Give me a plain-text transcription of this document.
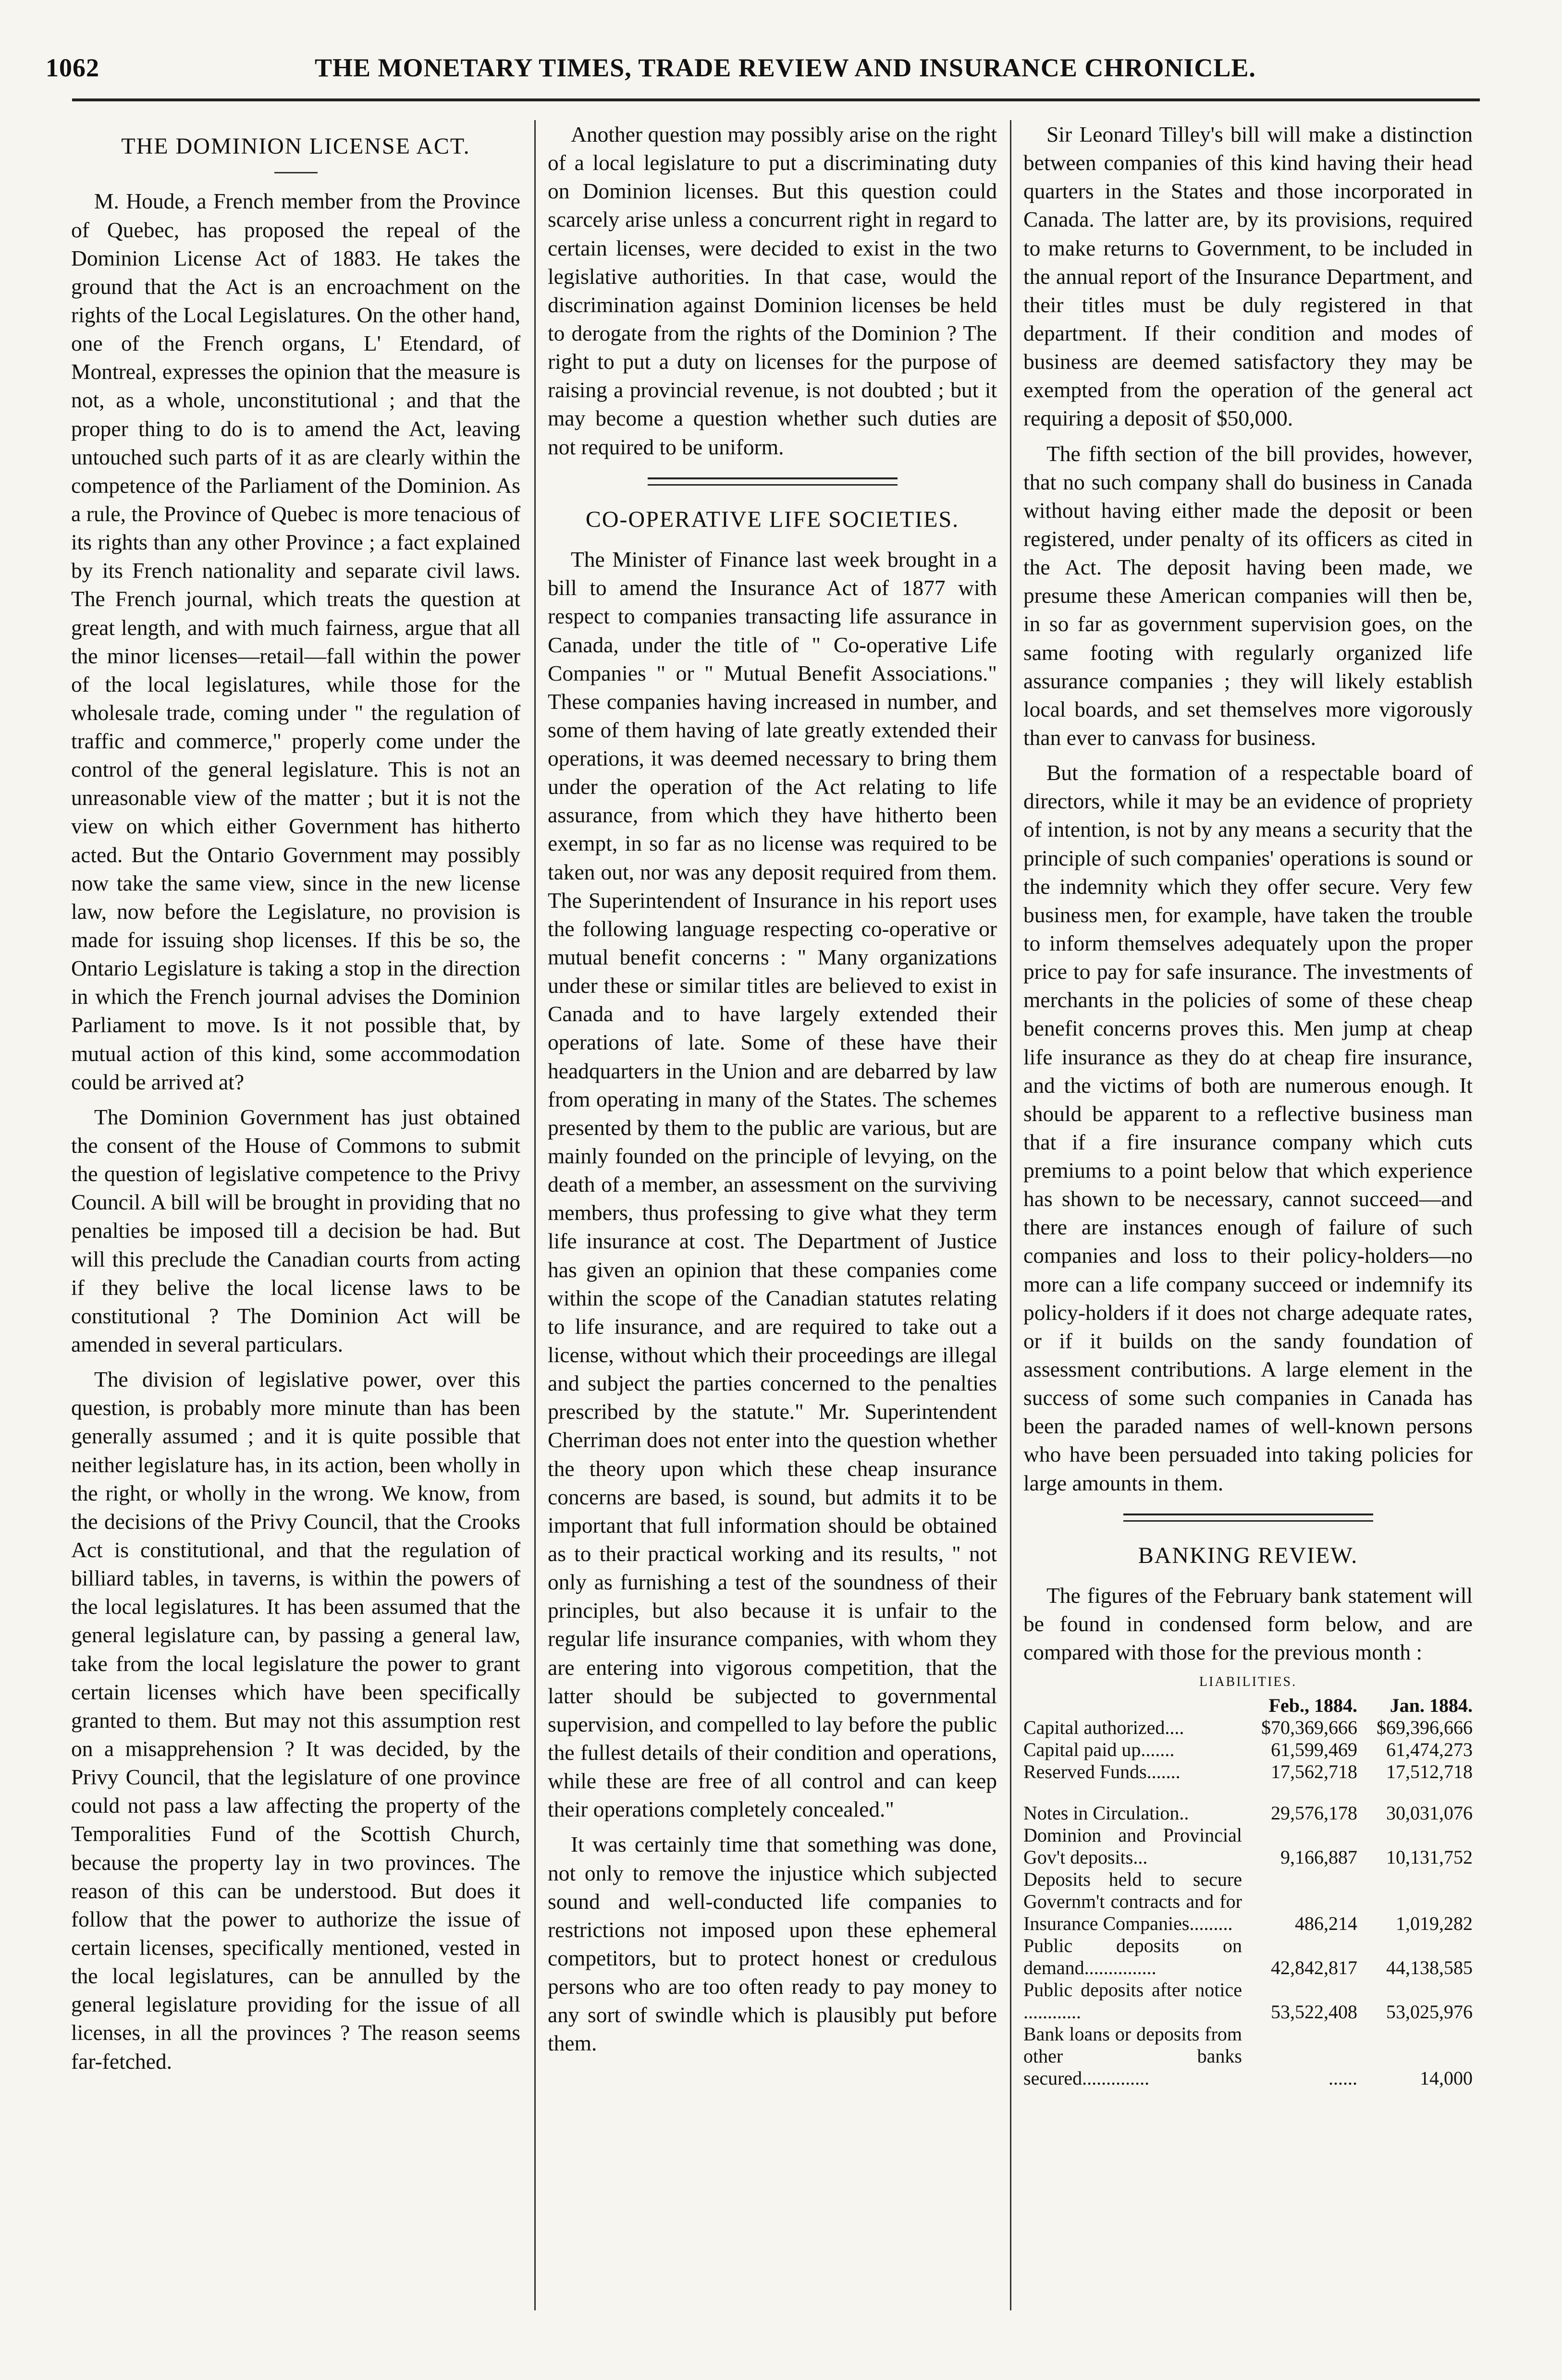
1062	THE MONETARY TIMES, TRADE REVIEW AND INSURANCE CHRONICLE.
THE DOMINION LICENSE ACT.

M. Houde, a French member from the Province of Quebec, has proposed the repeal of the Dominion License Act of 1883. He takes the ground that the Act is an encroachment on the rights of the Local Legislatures. On the other hand, one of the French organs, L' Etendard, of Montreal, expresses the opinion that the measure is not, as a whole, unconstitutional ; and that the proper thing to do is to amend the Act, leaving untouched such parts of it as are clearly within the competence of the Parliament of the Dominion. As a rule, the Province of Quebec is more tenacious of its rights than any other Province ; a fact explained by its French nationality and separate civil laws. The French journal, which treats the question at great length, and with much fairness, argue that all the minor licenses—retail—fall within the power of the local legislatures, while those for the wholesale trade, coming under " the regulation of traffic and commerce," properly come under the control of the general legislature. This is not an unreasonable view of the matter ; but it is not the view on which either Government has hitherto acted. But the Ontario Government may possibly now take the same view, since in the new license law, now before the Legislature, no provision is made for issuing shop licenses. If this be so, the Ontario Legislature is taking a stop in the direction in which the French journal advises the Dominion Parliament to move. Is it not possible that, by mutual action of this kind, some accommodation could be arrived at?

The Dominion Government has just obtained the consent of the House of Commons to submit the question of legislative competence to the Privy Council. A bill will be brought in providing that no penalties be imposed till a decision be had. But will this preclude the Canadian courts from acting if they belive the local license laws to be constitutional ? The Dominion Act will be amended in several particulars.

The division of legislative power, over this question, is probably more minute than has been generally assumed ; and it is quite possible that neither legislature has, in its action, been wholly in the right, or wholly in the wrong. We know, from the decisions of the Privy Council, that the Crooks Act is constitutional, and that the regulation of billiard tables, in taverns, is within the powers of the local legislatures. It has been assumed that the general legislature can, by passing a general law, take from the local legislature the power to grant certain licenses which have been specifically granted to them. But may not this assumption rest on a misapprehension ? It was decided, by the Privy Council, that the legislature of one province could not pass a law affecting the property of the Temporalities Fund of the Scottish Church, because the property lay in two provinces. The reason of this can be understood. But does it follow that the power to authorize the issue of certain licenses, specifically mentioned, vested in the local legislatures, can be annulled by the general legislature providing for the issue of all licenses, in all the provinces ? The reason seems far-fetched.

Another question may possibly arise on the right of a local legislature to put a discriminating duty on Dominion licenses. But this question could scarcely arise unless a concurrent right in regard to certain licenses, were decided to exist in the two legislative authorities. In that case, would the discrimination against Dominion licenses be held to derogate from the rights of the Dominion ? The right to put a duty on licenses for the purpose of raising a provincial revenue, is not doubted ; but it may become a question whether such duties are not required to be uniform.

CO-OPERATIVE LIFE SOCIETIES.

The Minister of Finance last week brought in a bill to amend the Insurance Act of 1877 with respect to companies transacting life assurance in Canada, under the title of " Co-operative Life Companies " or " Mutual Benefit Associations." These companies having increased in number, and some of them having of late greatly extended their operations, it was deemed necessary to bring them under the operation of the Act relating to life assurance, from which they have hitherto been exempt, in so far as no license was required to be taken out, nor was any deposit required from them. The Superintendent of Insurance in his report uses the following language respecting co-operative or mutual benefit concerns : " Many organizations under these or similar titles are believed to exist in Canada and to have largely extended their operations of late. Some of these have their headquarters in the Union and are debarred by law from operating in many of the States. The schemes presented by them to the public are various, but are mainly founded on the principle of levying, on the death of a member, an assessment on the surviving members, thus professing to give what they term life insurance at cost. The Department of Justice has given an opinion that these companies come within the scope of the Canadian statutes relating to life insurance, and are required to take out a license, without which their proceedings are illegal and subject the parties concerned to the penalties prescribed by the statute." Mr. Superintendent Cherriman does not enter into the question whether the theory upon which these cheap insurance concerns are based, is sound, but admits it to be important that full information should be obtained as to their practical working and its results, " not only as furnishing a test of the soundness of their principles, but also because it is unfair to the regular life insurance companies, with whom they are entering into vigorous competition, that the latter should be subjected to governmental supervision, and compelled to lay before the public the fullest details of their condition and operations, while these are free of all control and can keep their operations completely concealed."

It was certainly time that something was done, not only to remove the injustice which subjected sound and well-conducted life companies to restrictions not imposed upon these ephemeral competitors, but to protect honest or credulous persons who are too often ready to pay money to any sort of swindle which is plausibly put before them.

Sir Leonard Tilley's bill will make a distinction between companies of this kind having their head quarters in the States and those incorporated in Canada. The latter are, by its provisions, required to make returns to Government, to be included in the annual report of the Insurance Department, and their titles must be duly registered in that department. If their condition and modes of business are deemed satisfactory they may be exempted from the operation of the general act requiring a deposit of $50,000.

The fifth section of the bill provides, however, that no such company shall do business in Canada without having either made the deposit or been registered, under penalty of its officers as cited in the Act. The deposit having been made, we presume these American companies will then be, in so far as government supervision goes, on the same footing with regularly organized life assurance companies ; they will likely establish local boards, and set themselves more vigorously than ever to canvass for business.

But the formation of a respectable board of directors, while it may be an evidence of propriety of intention, is not by any means a security that the principle of such companies' operations is sound or the indemnity which they offer secure. Very few business men, for example, have taken the trouble to inform themselves adequately upon the proper price to pay for safe insurance. The investments of merchants in the policies of some of these cheap benefit concerns proves this. Men jump at cheap life insurance as they do at cheap fire insurance, and the victims of both are numerous enough. It should be apparent to a reflective business man that if a fire insurance company which cuts premiums to a point below that which experience has shown to be necessary, cannot succeed—and there are instances enough of failure of such companies and loss to their policy-holders—no more can a life company succeed or indemnify its policy-holders if it does not charge adequate rates, or if it builds on the sandy foundation of assessment contributions. A large element in the success of some such companies in Canada has been the paraded names of well-known persons who have been persuaded into taking policies for large amounts in them.

BANKING REVIEW.

The figures of the February bank statement will be found in condensed form below, and are compared with those for the previous month :

LIABILITIES.
	Feb., 1884.	Jan. 1884.
Capital authorized....	$70,369,666	$69,396,666
Capital paid up.......	61,599,469	61,474,273
Reserved Funds.......	17,562,718	17,512,718
Notes in Circulation..	29,576,178	30,031,076
Dominion and Provincial Gov't deposits...	9,166,887	10,131,752
Deposits held to secure Governm't contracts and for Insurance Companies.........	486,214	1,019,282
Public deposits on demand...............	42,842,817	44,138,585
Public deposits after notice ............	53,522,408	53,025,976
Bank loans or deposits from other banks secured..............	......	14,000
